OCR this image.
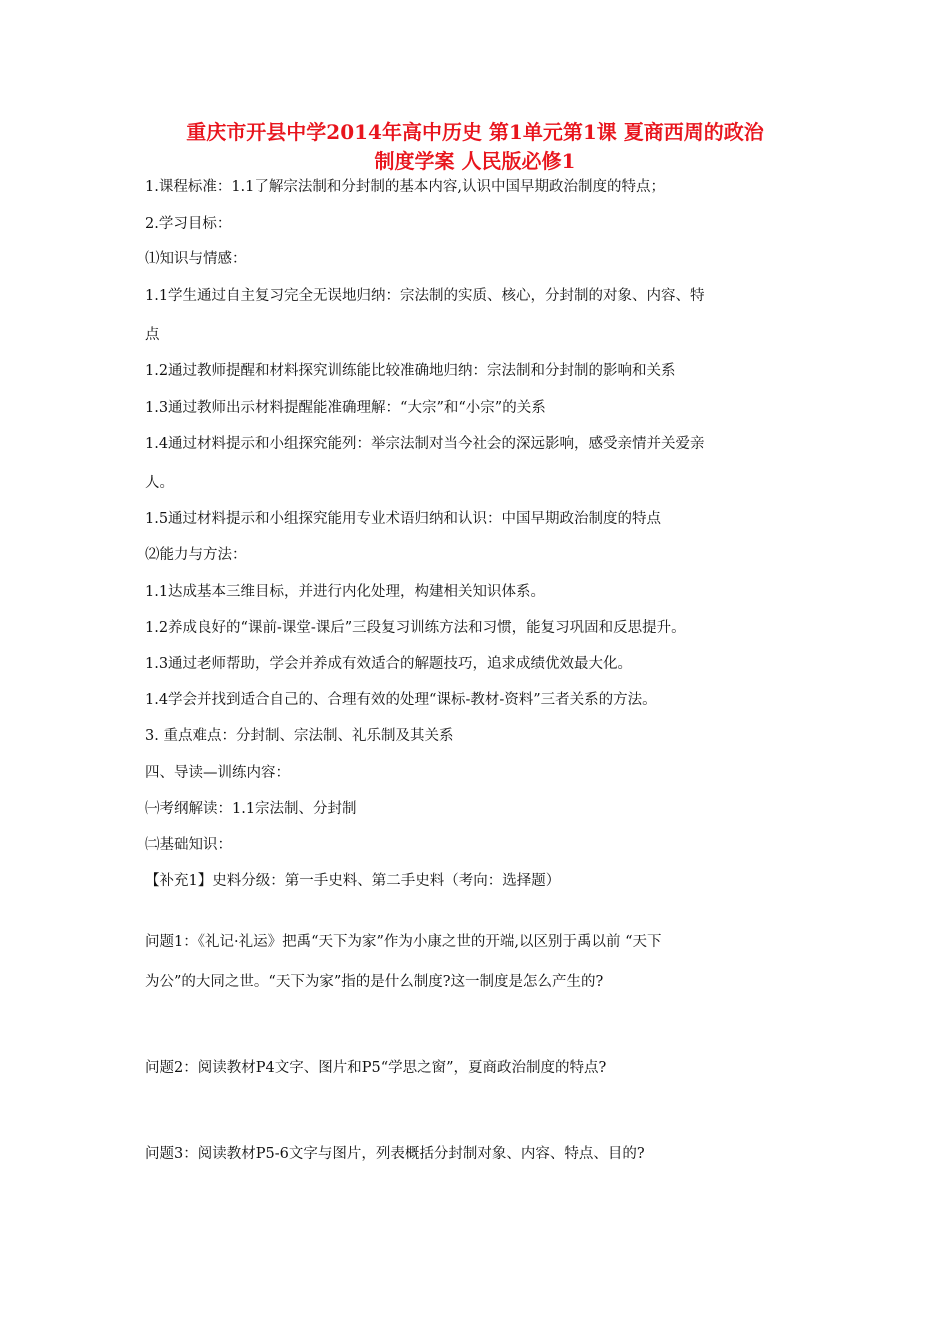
重庆市开县中学2014年高中历史 第1单元第1课 夏商西周的政治
制度学案 人民版必修1

1.课程标准：1.1了解宗法制和分封制的基本内容,认识中国早期政治制度的特点；

2.学习目标：

⑴知识与情感：

1.1学生通过自主复习完全无误地归纳：宗法制的实质、核心，分封制的对象、内容、特

点

1.2通过教师提醒和材料探究训练能比较准确地归纳：宗法制和分封制的影响和关系

1.3通过教师出示材料提醒能准确理解：“大宗”和“小宗”的关系

1.4通过材料提示和小组探究能列：举宗法制对当今社会的深远影响，感受亲情并关爱亲

人。

1.5通过材料提示和小组探究能用专业术语归纳和认识：中国早期政治制度的特点

⑵能力与方法：

1.1达成基本三维目标，并进行内化处理，构建相关知识体系。

1.2养成良好的“课前-课堂-课后”三段复习训练方法和习惯，能复习巩固和反思提升。

1.3通过老师帮助，学会并养成有效适合的解题技巧，追求成绩优效最大化。

1.4学会并找到适合自己的、合理有效的处理“课标-教材-资料”三者关系的方法。

3. 重点难点：分封制、宗法制、礼乐制及其关系

四、导读—训练内容：

㈠考纲解读：1.1宗法制、分封制

㈡基础知识：

【补充1】史料分级：第一手史料、第二手史料（考向：选择题）

问题1：《礼记·礼运》把禹“天下为家”作为小康之世的开端,以区别于禹以前 “天下

为公”的大同之世。“天下为家”指的是什么制度?这一制度是怎么产生的?

问题2：阅读教材P4文字、图片和P5“学思之窗”，夏商政治制度的特点?

问题3：阅读教材P5-6文字与图片，列表概括分封制对象、内容、特点、目的?
